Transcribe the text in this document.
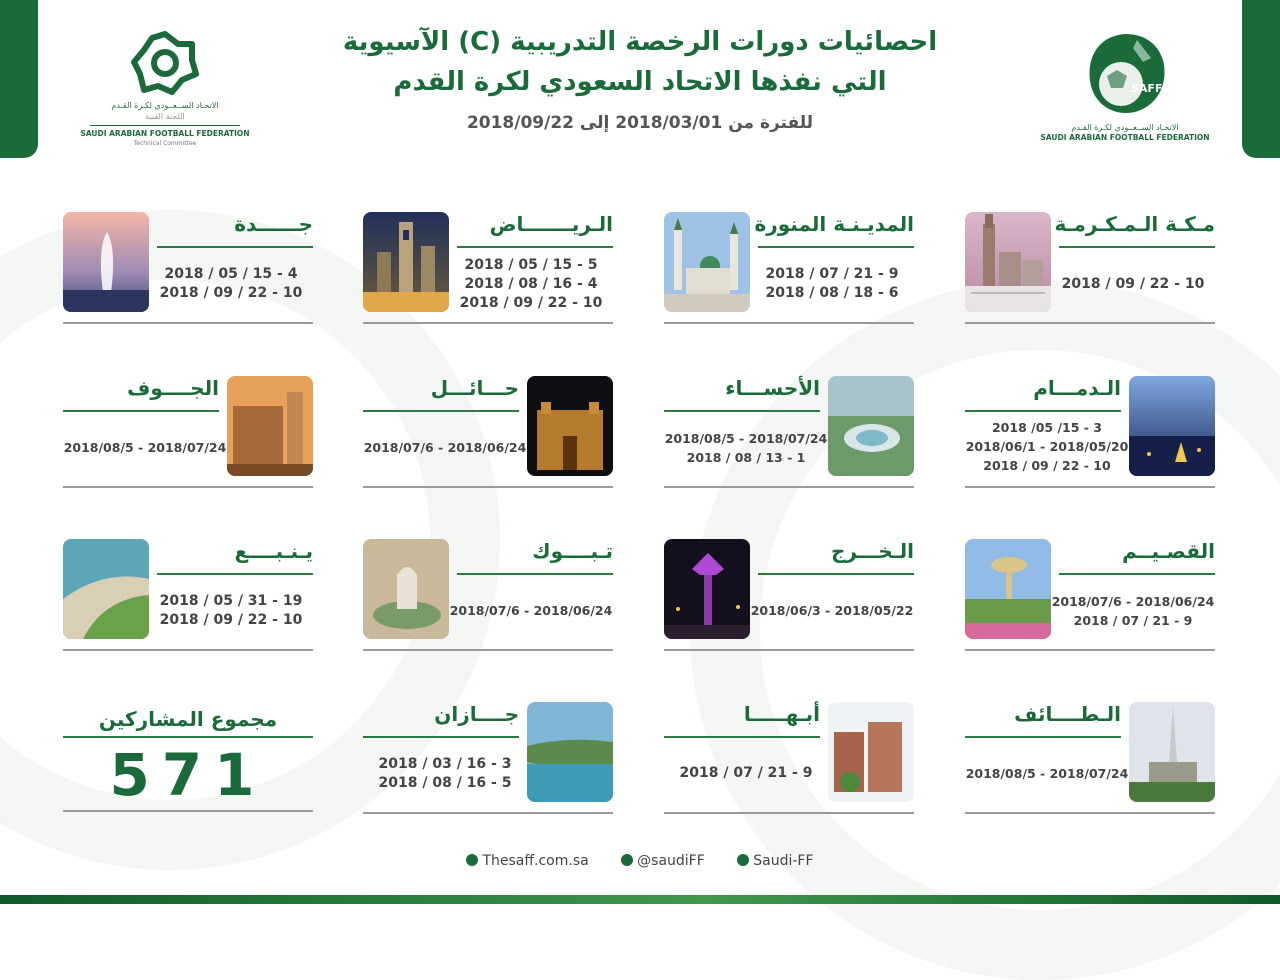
احصائيات دورات الرخصة التدريبية (C) الآسيوية
التي نفذها الاتحاد السعودي لكرة القدم
للفترة من 2018/03/01 إلى 2018/09/22
الاتحـاد الســعــودي لكـرة القـدم
اللجنة الفنية
SAUDI ARABIAN FOOTBALL FEDERATION
Technical Committee
SAFF
الاتحـاد الســعــودي لكـرة القـدم
SAUDI ARABIAN FOOTBALL FEDERATION
مـكـة الـمـكـرمـة
2018 / 09 / 22 - 10
المديـنـة المنورة
2018 / 07 / 21 - 9
2018 / 08 / 18 - 6
الـريـــــــاض
2018 / 05 / 15 - 5
2018 / 08 / 16 - 4
2018 / 09 / 22 - 10
جــــــدة
2018 / 05 / 15 - 4
2018 / 09 / 22 - 10
الـدمـــام
2018 /05 /15 - 3
2018/06/1 - 2018/05/20
2018 / 09 / 22 - 10
الأحســـاء
2018/08/5 - 2018/07/24
2018 / 08 / 13 - 1
حـــائـــل
2018/07/6 - 2018/06/24
الجــــوف
2018/08/5 - 2018/07/24
القصـيــم
2018/07/6 - 2018/06/24
2018 / 07 / 21 - 9
الـخـــرج
2018/06/3 - 2018/05/22
تـبــــوك
2018/07/6 - 2018/06/24
يـنـبــــع
2018 / 05 / 31 - 19
2018 / 09 / 22 - 10
الـطــــائف
2018/08/5 - 2018/07/24
أبـهـــــا
2018 / 07 / 21 - 9
جــــازان
2018 / 03 / 16 - 3
2018 / 08 / 16 - 5
مجموع المشاركين
571
Thesaff.com.sa	@saudiFF	Saudi-FF
